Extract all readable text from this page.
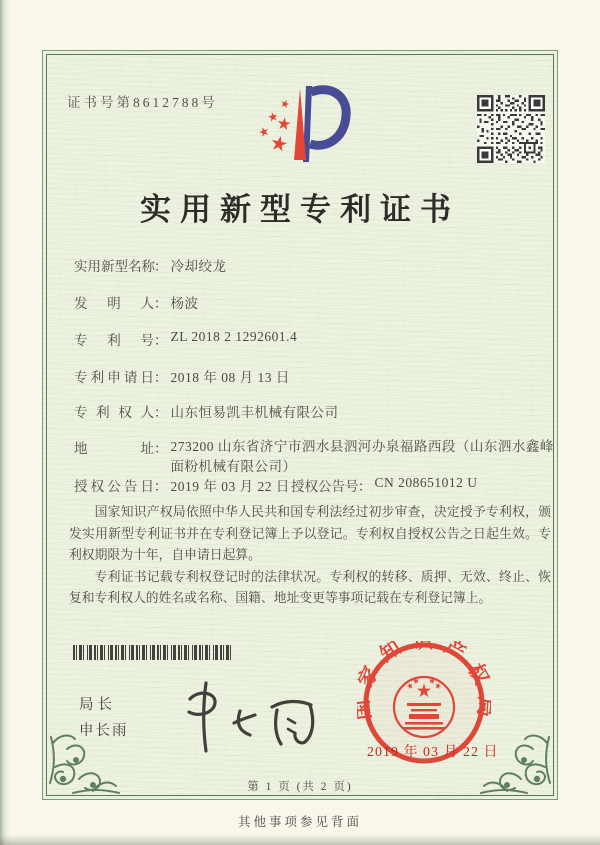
证书号第8612788号
实用新型专利证书
实用新型名称： 冷却绞龙
发明人： 杨波
专利号： ZL 2018 2 1292601.4
专利申请日： 2018 年 08 月 13 日
专利权人： 山东恒易凯丰机械有限公司
地址： 273200 山东省济宁市泗水县泗河办泉福路西段（山东泗水鑫峰面粉机械有限公司）
授权公告日： 2019 年 03 月 22 日 授权公告号： CN 208651012 U

国家知识产权局依照中华人民共和国专利法经过初步审查，决定授予专利权，颁发实用新型专利证书并在专利登记簿上予以登记。专利权自授权公告之日起生效。专利权期限为十年，自申请日起算。

专利证书记载专利权登记时的法律状况。专利权的转移、质押、无效、终止、恢复和专利权人的姓名或名称、国籍、地址变更等事项记载在专利登记簿上。

局长
申长雨
家知识产权
2019 年 03 月 22 日
第 1 页 (共 2 页)
其他事项参见背面
